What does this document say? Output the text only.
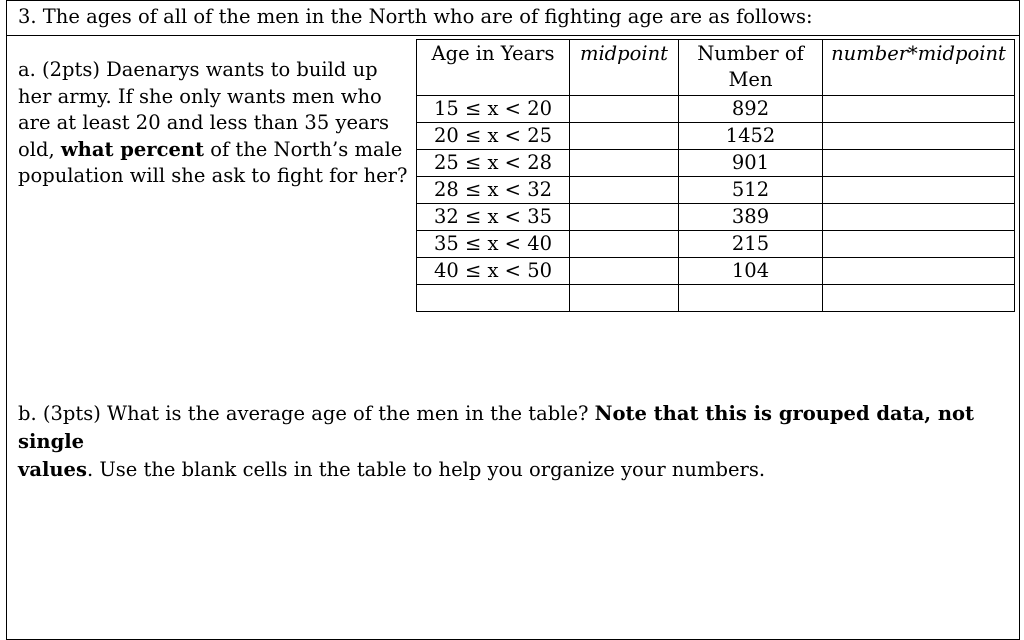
3. The ages of all of the men in the North who are of fighting age are as follows:
a. (2pts) Daenarys wants to build up her army. If she only wants men who are at least 20 and less than 35 years old, what percent of the North’s male population will she ask to fight for her?
Age in Years	midpoint	Number of Men	number*midpoint
15 ≤ x < 20		892	
20 ≤ x < 25		1452	
25 ≤ x < 28		901	
28 ≤ x < 32		512	
32 ≤ x < 35		389	
35 ≤ x < 40		215	
40 ≤ x < 50		104	

b. (3pts) What is the average age of the men in the table? Note that this is grouped data, not single
values. Use the blank cells in the table to help you organize your numbers.
